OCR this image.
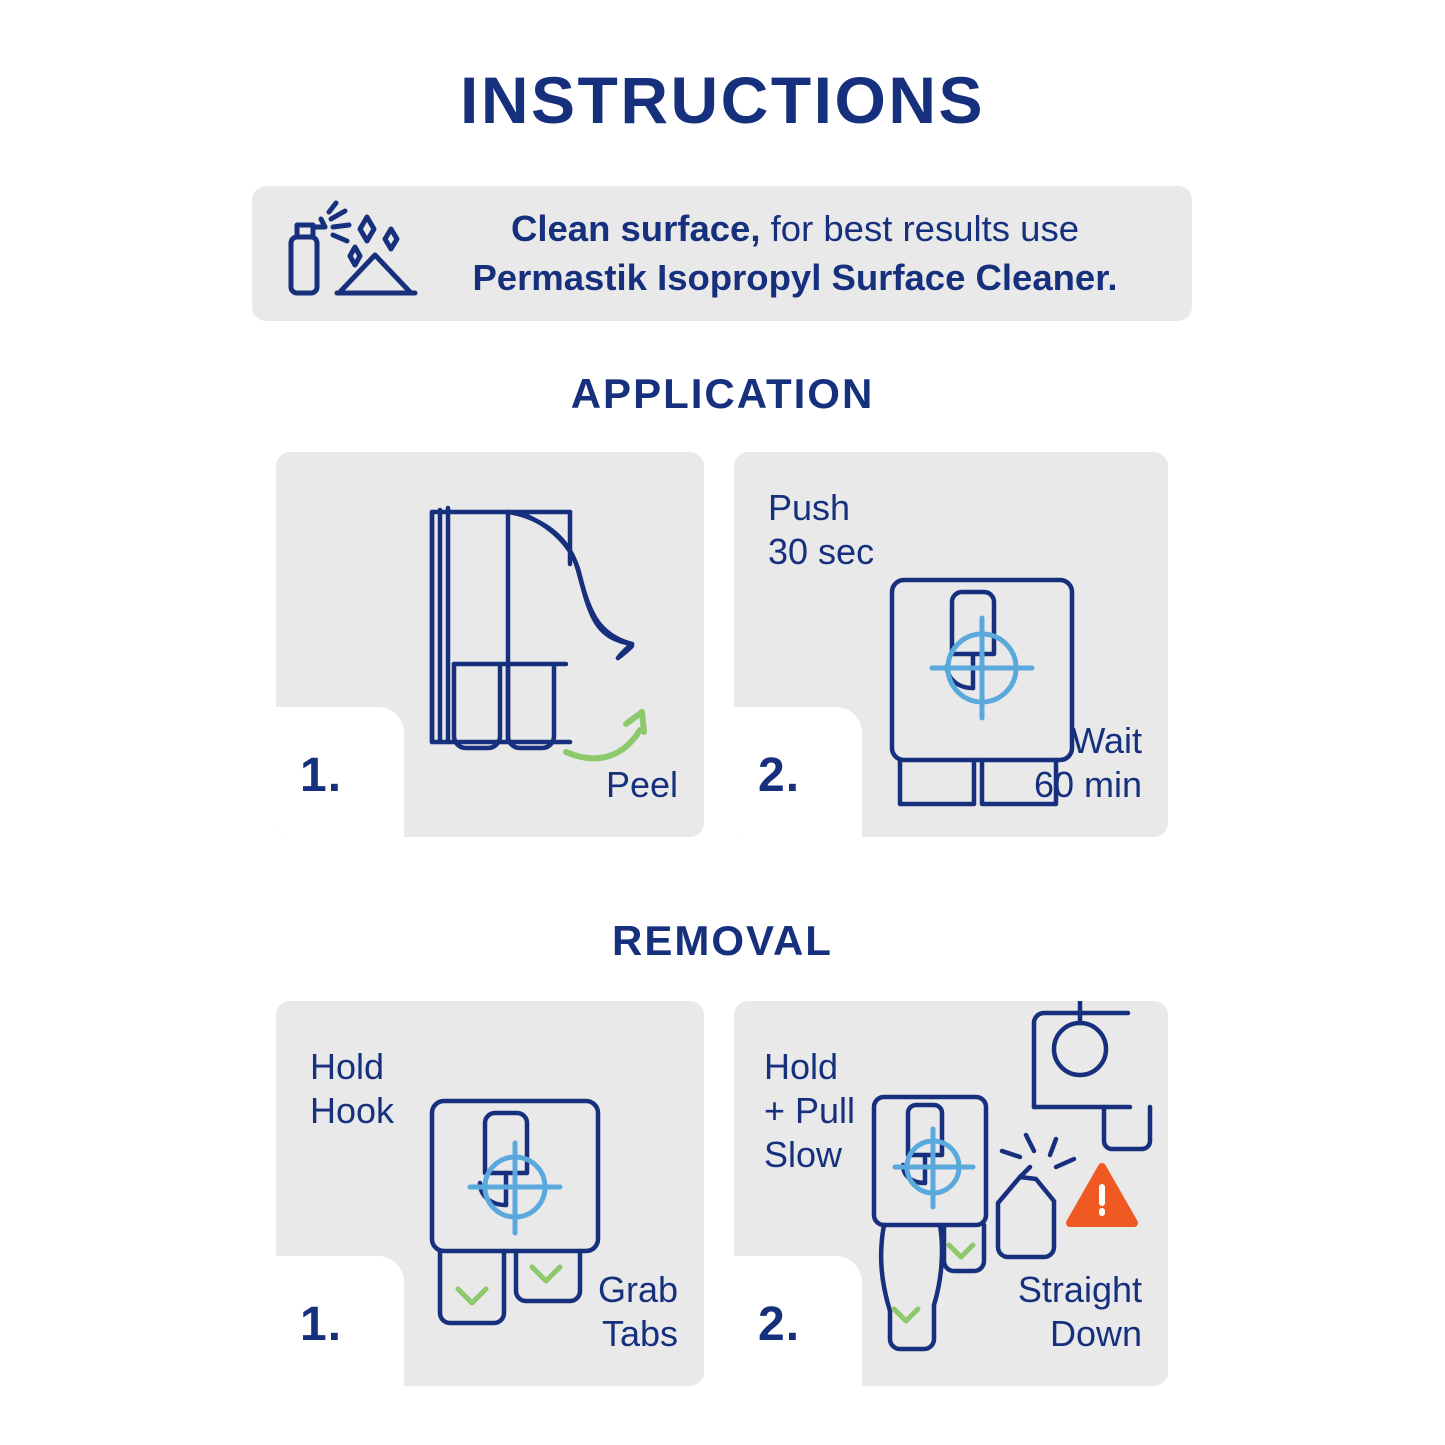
INSTRUCTIONS
Clean surface, for best results use
Permastik Isopropyl Surface Cleaner.
APPLICATION
1.	Peel 2.
Push
30 sec
Wait
60 min
REMOVAL
1.
Hold
Hook
Grab
Tabs 2.
Hold
+ Pull
Slow
Straight
Down
